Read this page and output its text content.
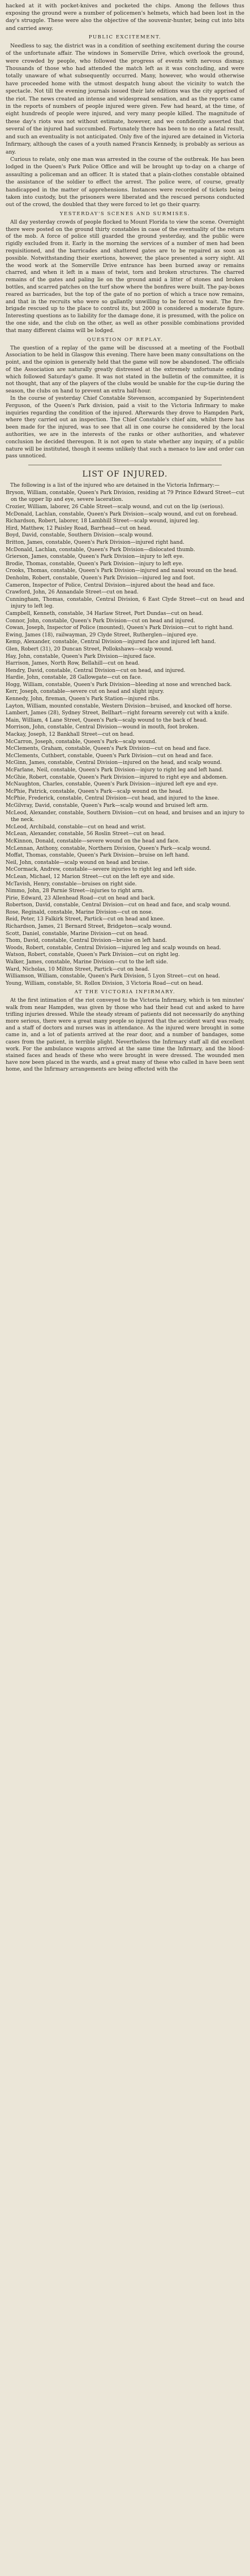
hacked at it with pocket-knives and pocketed the chips. Among the fellows thus exposing the ground were a number of policemen's helmets, which had been lost in the day's struggle. These were also the objective of the souvenir-hunter, being cut into bits and carried away.

PUBLIC EXCITEMENT.

Needless to say, the district was in a condition of seething excitement during the course of the unfortunate affair. The windows in Somerville Drive, which overlook the ground, were crowded by people, who followed the progress of events with nervous dismay. Thousands of those who had attended the match left as it was concluding, and were totally unaware of what subsequently occurred. Many, however, who would otherwise have proceeded home with the utmost despatch hung about the vicinity to watch the spectacle. Not till the evening journals issued their late editions was the city apprised of the riot. The news created an intense and widespread sensation, and as the reports came in the reports of numbers of people injured were given. Few had heard, at the time, of eight hundreds of people were injured, and very many people killed. The magnitude of these day's riots was not without estimate, however, and we confidently asserted that several of the injured had succumbed. Fortunately there has been to no one a fatal result, and such an eventuality is not anticipated. Only five of the injured are detained in Victoria Infirmary, although the cases of a youth named Francis Kennedy, is probably as serious as any.

Curious to relate, only one man was arrested in the course of the outbreak. He has been lodged in the Queen's Park Police Office and will be brought up to-day on a charge of assaulting a policeman and an officer. It is stated that a plain-clothes constable obtained the assistance of the soldier to effect the arrest. The police were, of course, greatly handicapped in the matter of apprehensions. Instances were recorded of tickets being taken into custody, but the prisoners were liberated and the rescued persons conducted out of the crowd, the doubled that they were forced to let go their quarry.

YESTERDAY'S SCENES AND SURMISES.

All day yesterday crowds of people flocked to Mount Florida to view the scene. Overnight there were posted on the ground thirty constables in case of the eventuality of the return of the mob. A force of police still guarded the ground yesterday, and the public were rigidly excluded from it. Early in the morning the services of a number of men had been requisitioned, and the barricades and shattered gates are to be repaired as soon as possible. Notwithstanding their exertions, however, the place presented a sorry sight. All the wood work at the Somerville Drive entrance has been burned away or remains charred, and when it left in a mass of twist, torn and broken structures. The charred remains of the gates and paling lie on the ground amid a litter of stones and broken bottles, and scarred patches on the turf show where the bonfires were built. The pay-boxes reared as barricades, but the top of the gate of no portion of which a trace now remains, and that in the recruits who were so gallantly unwilling to be forced to wait. The fire-brigade rescued up to the place to control its, but 2000 is considered a moderate figure. Interesting questions as to liability for the damage done, it is presumed, with the police on the one side, and the club on the other, as well as other possible combinations provided that many different claims will be lodged.

QUESTION OF REPLAY.

The question of a replay of the game will be discussed at a meeting of the Football Association to be held in Glasgow this evening. There have been many consultations on the point, and the opinion is generally held that the game will now be abandoned. The officials of the Association are naturally greatly distressed at the extremely unfortunate ending which followed Saturday's game. It was not stated in the bulletin of the committee, it is not thought, that any of the players of the clubs would be unable for the cup-tie during the season, the clubs on hand to prevent an extra half-hour.

In the course of yesterday Chief Constable Stevenson, accompanied by Superintendent Ferguson, of the Queen's Park division, paid a visit to the Victoria Infirmary to make inquiries regarding the condition of the injured. Afterwards they drove to Hampden Park, where they carried out an inspection. The Chief Constable's chief aim, whilst there has been made for the injured, was to see that all in one course he considered by the local authorities, we are in the interests of the ranks or other authorities, and whatever conclusion he decided thereupon. It is not open to state whether any inquiry, of a public nature will be instituted, though it seems unlikely that such a menace to law and order can pass unnoticed.

LIST OF INJURED.

The following is a list of the injured who are detained in the Victoria Infirmary:—

Bryson, William, constable, Queen's Park Division, residing at 79 Prince Edward Street—cut on the upper lip and eye, severe laceration.

Crozier, William, laborer, 26 Cable Street—scalp wound, and cut on the lip (serious).

McDonald, Lachlan, constable, Queen's Park Division—scalp wound, and cut on forehead.

Richardson, Robert, laborer, 18 Lambhill Street—scalp wound, injured leg.

Hird, Matthew, 12 Paisley Road, Barrhead—cut on head.

Boyd, David, constable, Southern Division—scalp wound.

Britton, James, constable, Queen's Park Division—injured right hand.

McDonald, Lachlan, constable, Queen's Park Division—dislocated thumb.

Grierson, James, constable, Queen's Park Division—injury to left eye.

Brodie, Thomas, constable, Queen's Park Division—injury to left eye.

Crooks, Thomas, constable, Queen's Park Division—injured and nasal wound on the head.

Denholm, Robert, constable, Queen's Park Division—injured leg and foot.

Cameron, Inspector of Police, Central Division—injured about the head and face.

Crawford, John, 26 Annandale Street—cut on head.

Cunningham, Thomas, constable, Central Division, 6 East Clyde Street—cut on head and injury to left leg.

Campbell, Kenneth, constable, 34 Harlaw Street, Port Dundas—cut on head.

Connor, John, constable, Queen's Park Division—cut on head and injured.

Cowan, Joseph, Inspector of Police (mounted), Queen's Park Division—cut to right hand.

Ewing, James (18), railwayman, 29 Clyde Street, Rutherglen—injured eye.

Kemp, Alexander, constable, Central Division—injured face and injured left hand.

Glen, Robert (31), 20 Duncan Street, Pollokshaws—scalp wound.

Hay, John, constable, Queen's Park Division—injured face.

Harrison, James, North Row, Bellahill—cut on head.

Hendry, David, constable, Central Division—cut on head, and injured.

Hardie, John, constable, 28 Gallowgate—cut on face.

Hogg, William, constable, Queen's Park Division—bleeding at nose and wrenched back.

Kerr, Joseph, constable—severe cut on head and slight injury.

Kennedy, John, fireman, Queen's Park Station—injured ribs.

Layton, William, mounted constable, Western Division—bruised, and knocked off horse.

Lambert, James (28), Sydney Street, Bellhart—right forearm severely cut with a knife.

Main, William, 4 Lane Street, Queen's Park—scalp wound to the back of head.

Morrison, John, constable, Central Division—wound in mouth, foot broken.

Mackay, Joseph, 12 Bankhall Street—cut on head.

McCarron, Joseph, constable, Queen's Park—scalp wound.

McClements, Graham, constable, Queen's Park Division—cut on head and face.

McClements, Cuthbert, constable, Queen's Park Division—cut on head and face.

McGinn, James, constable, Central Division—injured on the head, and scalp wound.

McFarlane, Neil, constable, Queen's Park Division—injury to right leg and left hand.

McGhie, Robert, constable, Queen's Park Division—injured to right eye and abdomen.

McNaughton, Charles, constable, Queen's Park Division—injured left eye and eye.

McPhie, Patrick, constable, Queen's Park—scalp wound on the head.

McPhie, Frederick, constable, Central Division—cut head, and injured to the knee.

McGilvray, David, constable, Queen's Park—scalp wound and bruised left arm.

McLeod, Alexander, constable, Southern Division—cut on head, and bruises and an injury to the neck.

McLeod, Archibald, constable—cut on head and wrist.

McLean, Alexander, constable, 56 Roslin Street—cut on head.

McKinnon, Donald, constable—severe wound on the head and face.

McLennan, Anthony, constable, Northern Division, Queen's Park—scalp wound.

Moffat, Thomas, constable, Queen's Park Division—bruise on left hand.

Neil, John, constable—scalp wound on head and bruise.

McCormack, Andrew, constable—severe injuries to right leg and left side.

McLean, Michael, 12 Marion Street—cut on the left eye and side.

McTavish, Henry, constable—bruises on right side.

Nimmo, John, 28 Parnie Street—injuries to right arm.

Pirie, Edward, 23 Allenhead Road—cut on head and back.

Robertson, David, constable, Central Division—cut on head and face, and scalp wound.

Rose, Reginald, constable, Marine Division—cut on nose.

Reid, Peter, 13 Falkirk Street, Partick—cut on head and knee.

Richardson, James, 21 Bernard Street, Bridgeton—scalp wound.

Scott, Daniel, constable, Marine Division—cut on head.

Thom, David, constable, Central Division—bruise on left hand.

Woods, Robert, constable, Central Division—injured leg and scalp wounds on head.

Watson, Robert, constable, Queen's Park Division—cut on right leg.

Walker, James, constable, Marine Division—cut to the left side.

Ward, Nicholas, 10 Milton Street, Partick—cut on head.

Williamson, William, constable, Queen's Park Division, 5 Lyon Street—cut on head.

Young, William, constable, St. Rollox Division, 3 Victoria Road—cut on head.

AT THE VICTORIA INFIRMARY.

At the first intimation of the riot conveyed to the Victoria Infirmary, which is ten minutes' walk from near Hampden, was given by those who had their head cut and asked to have trifling injuries dressed. While the steady stream of patients did not necessarily do anything more serious, there were a great many people so injured that the accident ward was ready, and a staff of doctors and nurses was in attendance. As the injured were brought in some came in, and a lot of patients arrived at the rear door, and a number of bandages, some cases from the patient, in terrible plight. Nevertheless the Infirmary staff all did excellent work. For the ambulance wagons arrived at the same time the Infirmary, and the blood-stained faces and heads of these who were brought in were dressed. The wounded men have now been placed in the wards, and a great many of these who called in have been sent home, and the Infirmary arrangements are being effected with the
